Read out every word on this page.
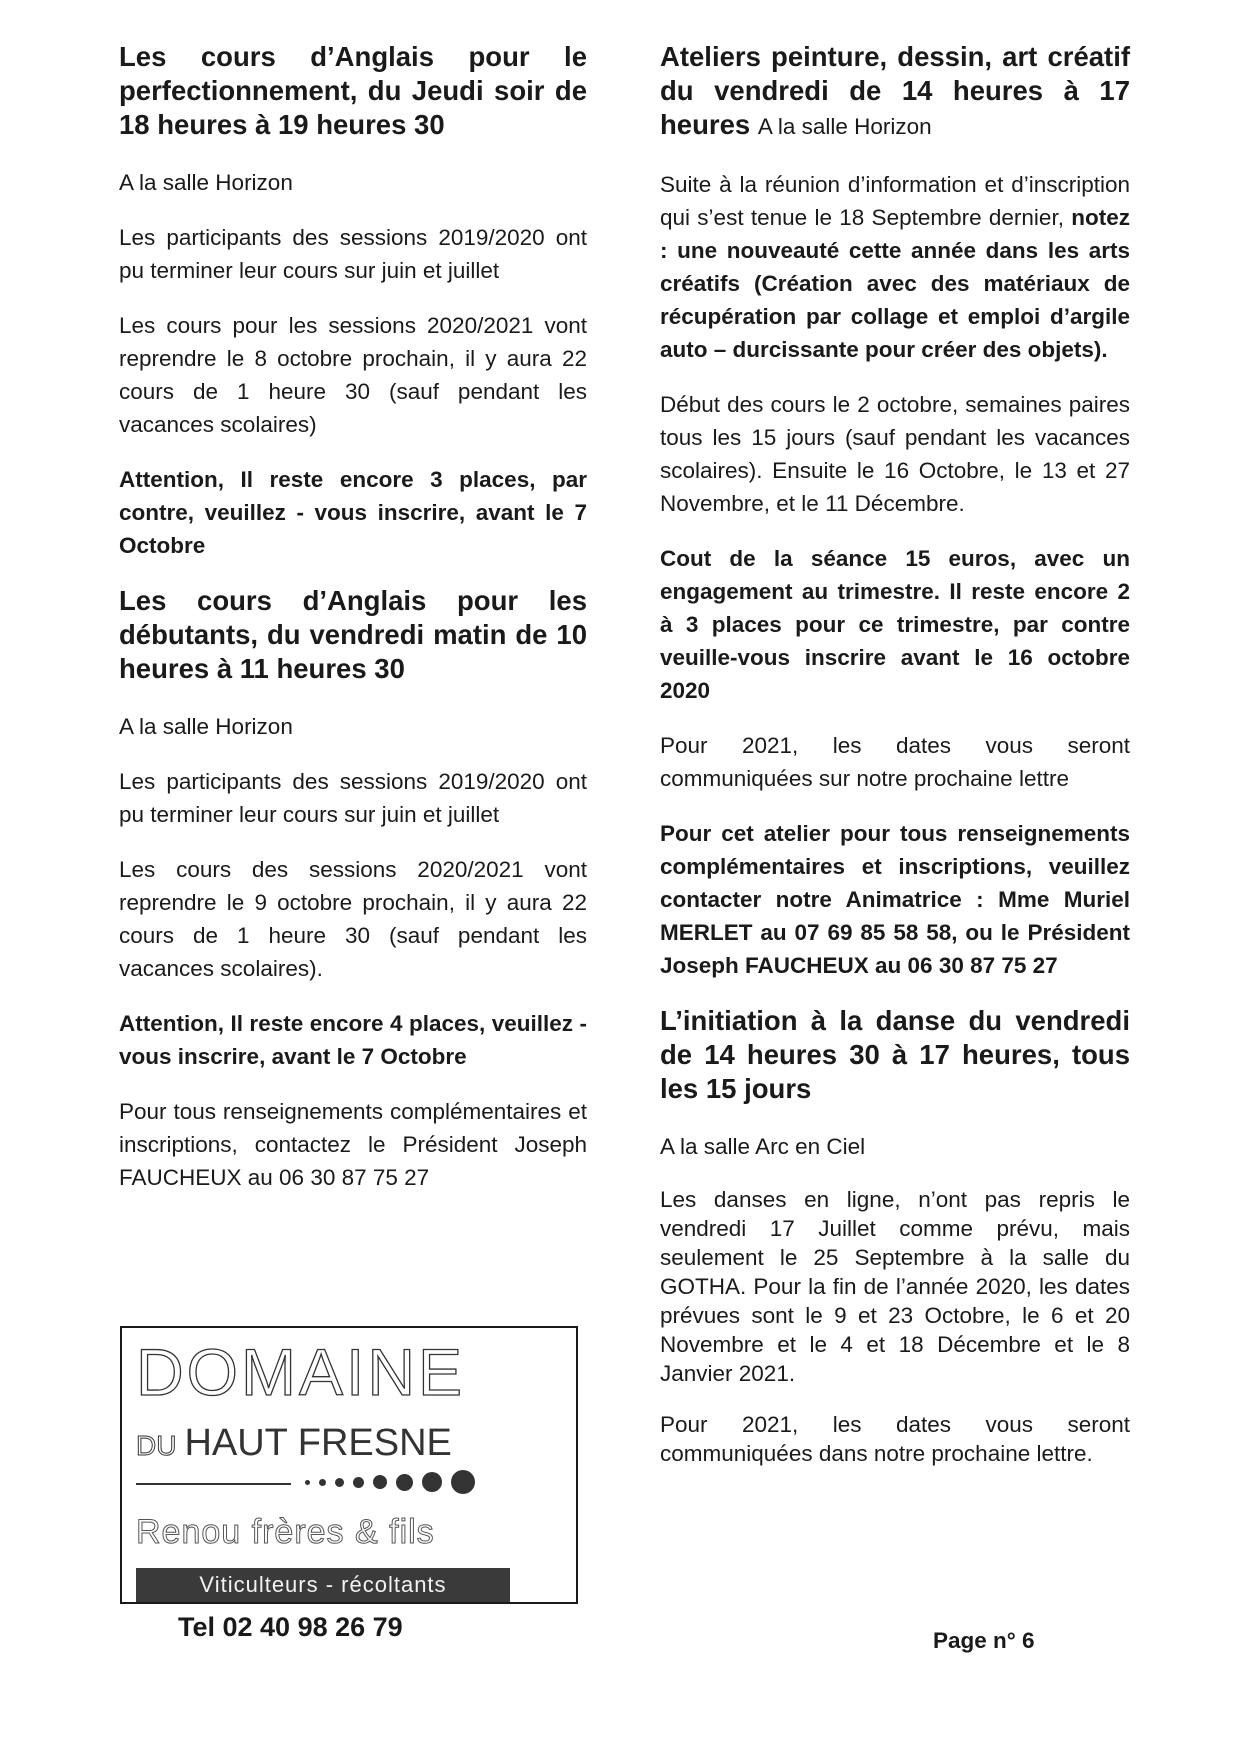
Les cours d’Anglais pour le perfectionnement, du Jeudi soir de 18 heures à 19 heures 30

A la salle Horizon

Les participants des sessions 2019/2020 ont pu terminer leur cours sur juin et juillet

Les cours pour les sessions 2020/2021 vont reprendre le 8 octobre prochain, il y aura 22 cours de 1 heure 30 (sauf pendant les vacances scolaires)

Attention, Il reste encore 3 places, par contre, veuillez - vous inscrire, avant le 7 Octobre

Les cours d’Anglais pour les débutants, du vendredi matin de 10 heures à 11 heures 30

A la salle Horizon

Les participants des sessions 2019/2020 ont pu terminer leur cours sur juin et juillet

Les cours des sessions 2020/2021 vont reprendre le 9 octobre prochain, il y aura 22 cours de 1 heure 30 (sauf pendant les vacances scolaires).

Attention, Il reste encore 4 places, veuillez - vous inscrire, avant le 7 Octobre

Pour tous renseignements complémentaires et inscriptions, contactez le Président Joseph FAUCHEUX au 06 30 87 75 27

DOMAINE
DU HAUT FRESNE
Renou frères & fils
Viticulteurs - récoltants
Tel 02 40 98 26 79
Ateliers peinture, dessin, art créatif du vendredi de 14 heures à 17 heures A la salle Horizon

Suite à la réunion d’information et d’inscription qui s’est tenue le 18 Septembre dernier, notez : une nouveauté cette année dans les arts créatifs (Création avec des matériaux de récupération par collage et emploi d’argile auto – durcissante pour créer des objets).

Début des cours le 2 octobre, semaines paires tous les 15 jours (sauf pendant les vacances scolaires). Ensuite le 16 Octobre, le 13 et 27 Novembre, et le 11 Décembre.

Cout de la séance 15 euros, avec un engagement au trimestre. Il reste encore 2 à 3 places pour ce trimestre, par contre veuille-vous inscrire avant le 16 octobre 2020

Pour 2021, les dates vous seront communiquées sur notre prochaine lettre

Pour cet atelier pour tous renseignements complémentaires et inscriptions, veuillez contacter notre Animatrice : Mme Muriel MERLET au 07 69 85 58 58, ou le Président Joseph FAUCHEUX au 06 30 87 75 27

L’initiation à la danse du vendredi de 14 heures 30 à 17 heures, tous les 15 jours

A la salle Arc en Ciel

Les danses en ligne, n’ont pas repris le vendredi 17 Juillet comme prévu, mais seulement le 25 Septembre à la salle du GOTHA. Pour la fin de l’année 2020, les dates prévues sont le 9 et 23 Octobre, le 6 et 20 Novembre et le 4 et 18 Décembre et le 8 Janvier 2021.

Pour 2021, les dates vous seront communiquées dans notre prochaine lettre.

Page n° 6
